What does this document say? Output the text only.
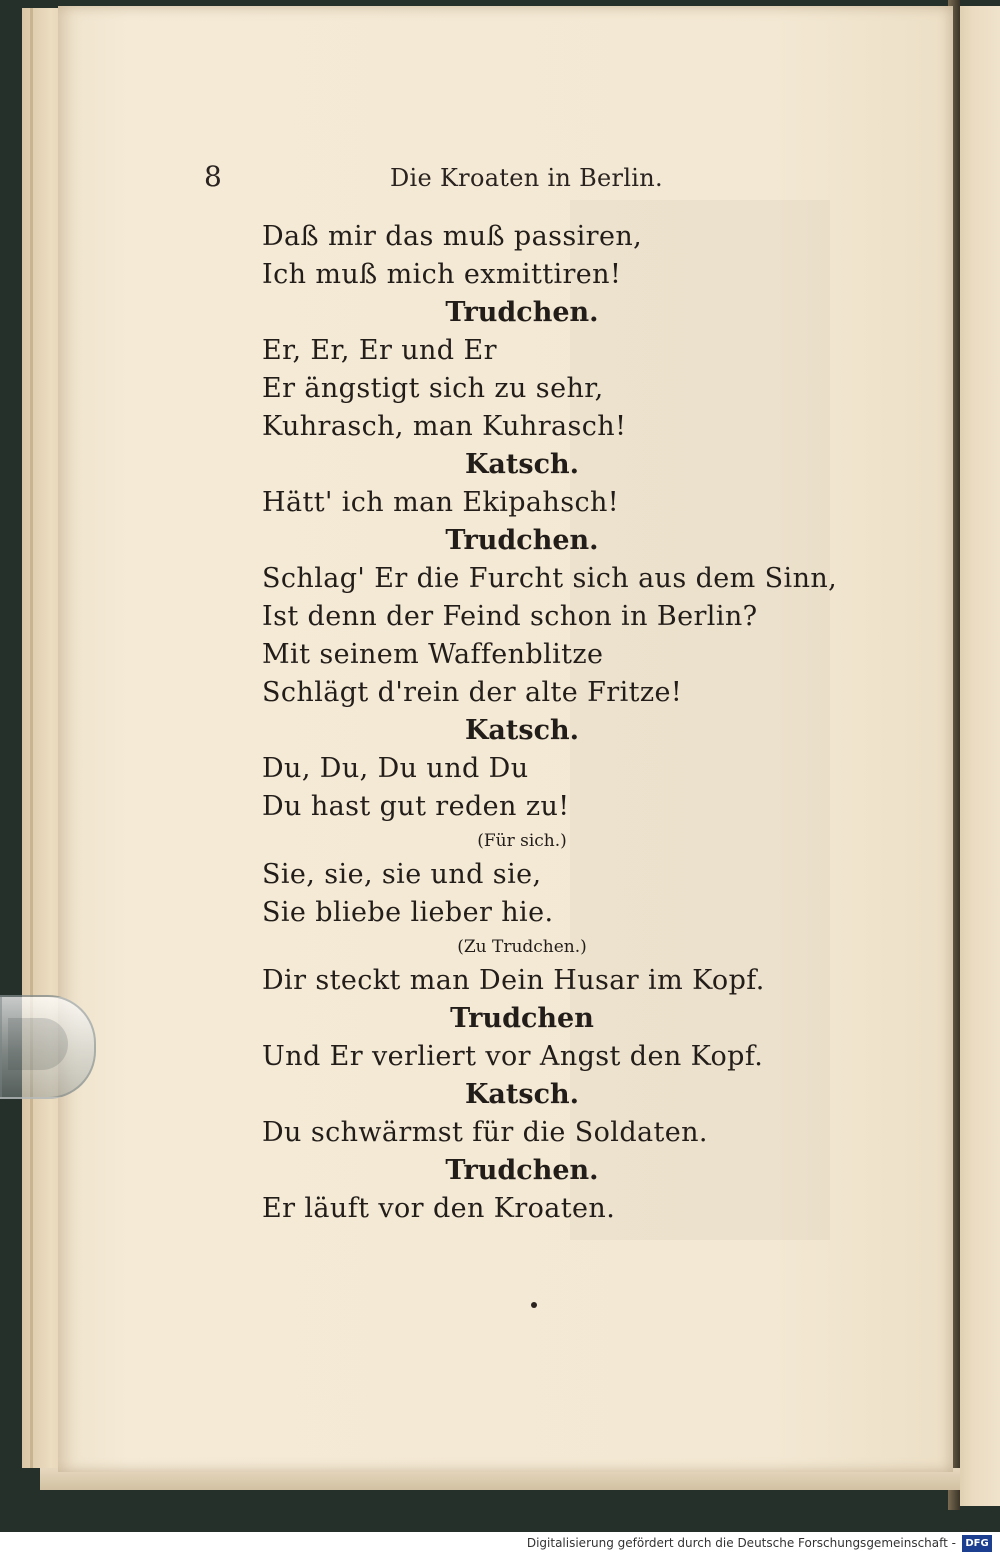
8	Die Kroaten in Berlin.
Daß mir das muß passiren,
Ich muß mich exmittiren!
Trudchen.
Er, Er, Er und Er
Er ängstigt sich zu sehr,
Kuhrasch, man Kuhrasch!
Katsch.
Hätt' ich man Ekipahsch!
Trudchen.
Schlag' Er die Furcht sich aus dem Sinn,
Ist denn der Feind schon in Berlin?
Mit seinem Waffenblitze
Schlägt d'rein der alte Fritze!
Katsch.
Du, Du, Du und Du
Du hast gut reden zu!
(Für sich.)
Sie, sie, sie und sie,
Sie bliebe lieber hie.
(Zu Trudchen.)
Dir steckt man Dein Husar im Kopf.
Trudchen
Und Er verliert vor Angst den Kopf.
Katsch.
Du schwärmst für die Soldaten.
Trudchen.
Er läuft vor den Kroaten.
Digitalisierung gefördert durch die Deutsche Forschungsgemeinschaft - DFG
